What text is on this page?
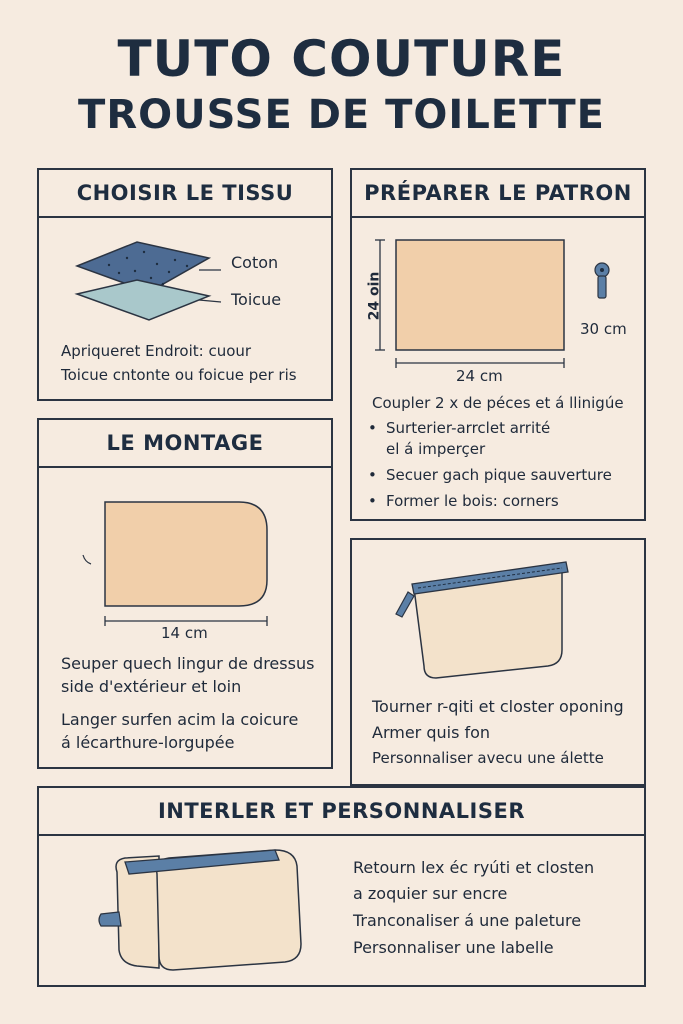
TUTO COUTURE
TROUSSE DE TOILETTE
CHOISIR LE TISSU
Coton
Toicue
Apriqueret Endroit: cuour
Toicue cntonte ou foicue per ris
PRÉPARER LE PATRON
24 oin
24 cm
30 cm
Coupler 2 x de péces et á llinigúe
• Surterier-arrclet arrité
el á imperçer
• Secuer gach pique sauverture
• Former le bois: corners
LE MONTAGE
14 cm
Seuper quech lingur de dressus
side d'extérieur et loin
Langer surfen acim la coicure
á lécarthure-lorgupée
Tourner r-qiti et closter oponing
Armer quis fon
Personnaliser avecu une álette
INTERLER ET PERSONNALISER
Retourn lex éc ryúti et closten
a zoquier sur encre
Tranconaliser á une paleture
Personnaliser une labelle
